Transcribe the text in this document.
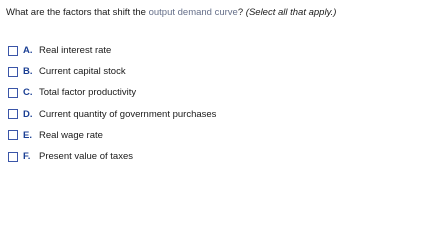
What are the factors that shift the output demand curve? (Select all that apply.)
A. Real interest rate
B. Current capital stock
C. Total factor productivity
D. Current quantity of government purchases
E. Real wage rate
F. Present value of taxes
